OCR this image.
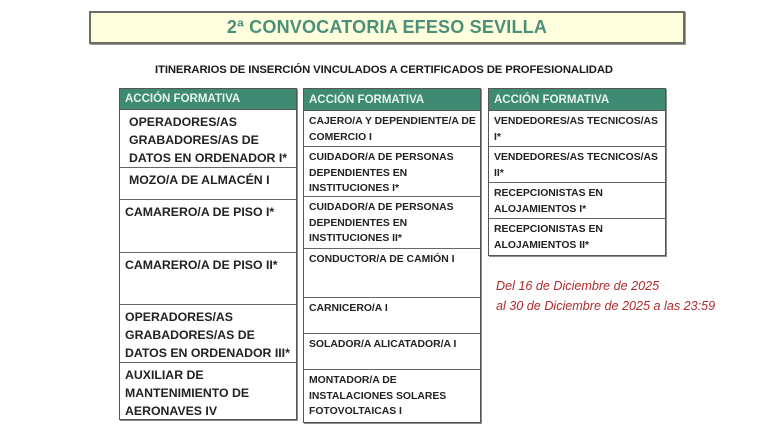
2ª CONVOCATORIA EFESO SEVILLA
ITINERARIOS DE INSERCIÓN VINCULADOS A CERTIFICADOS DE PROFESIONALIDAD
ACCIÓN FORMATIVA
OPERADORES/AS GRABADORES/AS DE DATOS EN ORDENADOR I*
MOZO/A DE ALMACÉN I
CAMARERO/A DE PISO I*
CAMARERO/A DE PISO II*
OPERADORES/AS GRABADORES/AS DE DATOS EN ORDENADOR III*
AUXILIAR DE MANTENIMIENTO DE AERONAVES IV
ACCIÓN FORMATIVA
CAJERO/A Y DEPENDIENTE/A DE COMERCIO I
CUIDADOR/A DE PERSONAS DEPENDIENTES EN INSTITUCIONES I*
CUIDADOR/A DE PERSONAS DEPENDIENTES EN INSTITUCIONES II*
CONDUCTOR/A DE CAMIÓN I
CARNICERO/A I
SOLADOR/A ALICATADOR/A I
MONTADOR/A DE INSTALACIONES SOLARES FOTOVOLTAICAS I
ACCIÓN FORMATIVA
VENDEDORES/AS TECNICOS/AS I*
VENDEDORES/AS TECNICOS/AS II*
RECEPCIONISTAS EN ALOJAMIENTOS I*
RECEPCIONISTAS EN ALOJAMIENTOS II*
Del 16 de Diciembre de 2025
al 30 de Diciembre de 2025 a las 23:59
